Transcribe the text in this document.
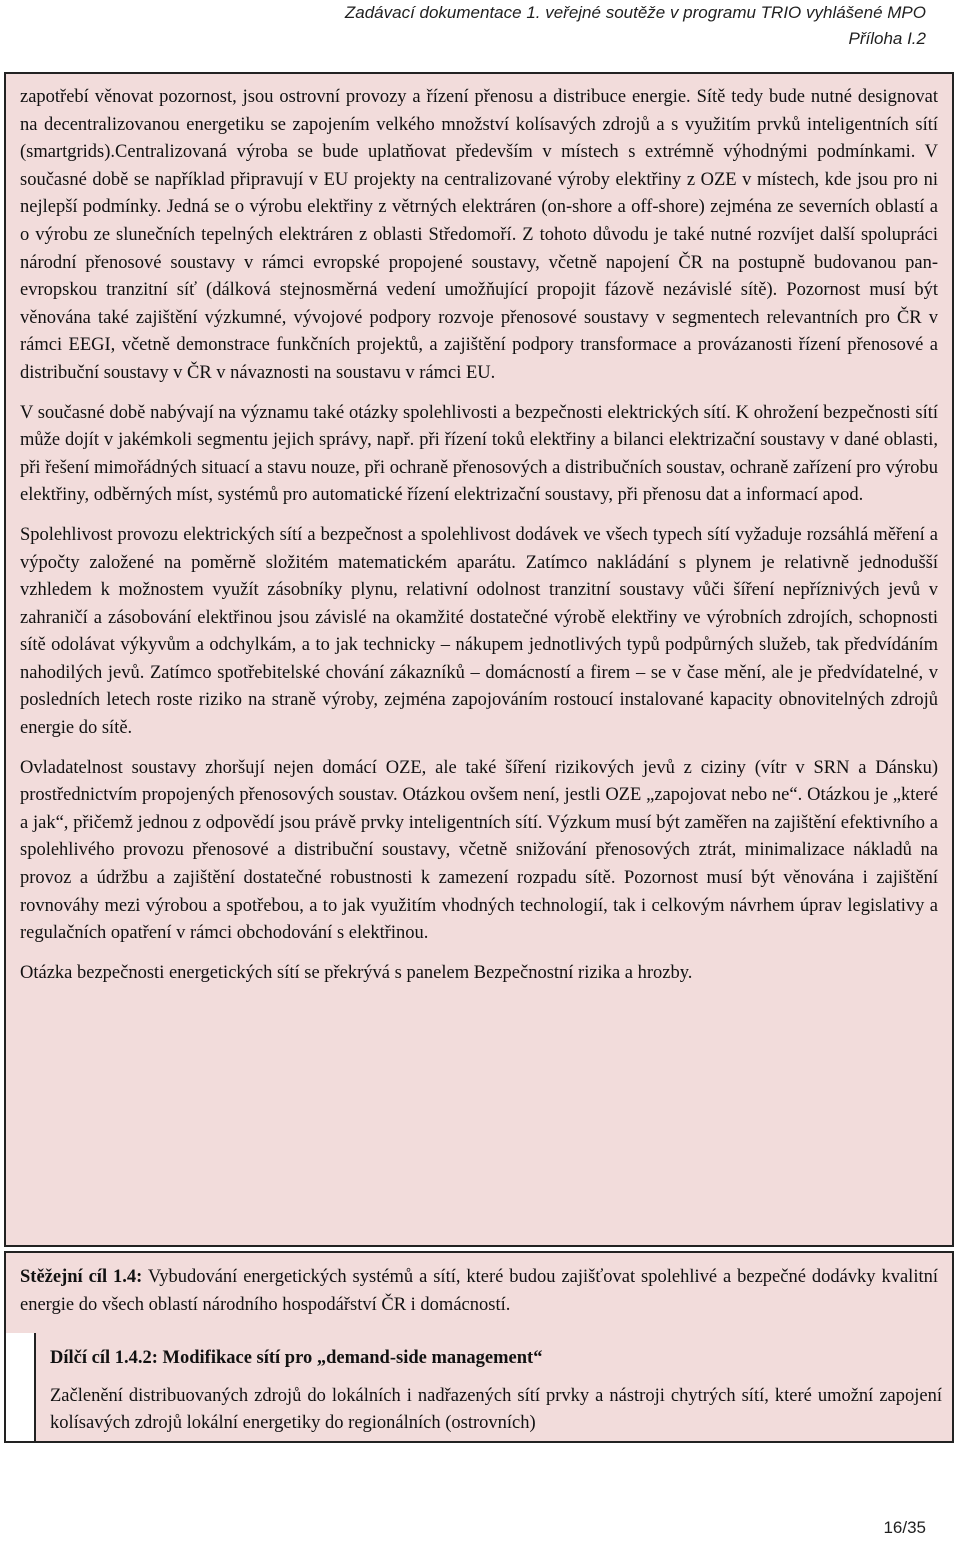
Zadávací dokumentace 1. veřejné soutěže v programu TRIO vyhlášené MPO
Příloha I.2

zapotřebí věnovat pozornost, jsou ostrovní provozy a řízení přenosu a distribuce energie. Sítě tedy bude nutné designovat na decentralizovanou energetiku se zapojením velkého množství kolísavých zdrojů a s využitím prvků inteligentních sítí (smartgrids).Centralizovaná výroba se bude uplatňovat především v místech s extrémně výhodnými podmínkami. V současné době se například připravují v EU projekty na centralizované výroby elektřiny z OZE v místech, kde jsou pro ni nejlepší podmínky. Jedná se o výrobu elektřiny z větrných elektráren (on-shore a off-shore) zejména ze severních oblastí a o výrobu ze slunečních tepelných elektráren z oblasti Středomoří. Z tohoto důvodu je také nutné rozvíjet další spolupráci národní přenosové soustavy v rámci evropské propojené soustavy, včetně napojení ČR na postupně budovanou pan-evropskou tranzitní síť (dálková stejnosměrná vedení umožňující propojit fázově nezávislé sítě). Pozornost musí být věnována také zajištění výzkumné, vývojové podpory rozvoje přenosové soustavy v segmentech relevantních pro ČR v rámci EEGI, včetně demonstrace funkčních projektů, a zajištění podpory transformace a provázanosti řízení přenosové a distribuční soustavy v ČR v návaznosti na soustavu v rámci EU.

V současné době nabývají na významu také otázky spolehlivosti a bezpečnosti elektrických sítí. K ohrožení bezpečnosti sítí může dojít v jakémkoli segmentu jejich správy, např. při řízení toků elektřiny a bilanci elektrizační soustavy v dané oblasti, při řešení mimořádných situací a stavu nouze, při ochraně přenosových a distribučních soustav, ochraně zařízení pro výrobu elektřiny, odběrných míst, systémů pro automatické řízení elektrizační soustavy, při přenosu dat a informací apod.

Spolehlivost provozu elektrických sítí a bezpečnost a spolehlivost dodávek ve všech typech sítí vyžaduje rozsáhlá měření a výpočty založené na poměrně složitém matematickém aparátu. Zatímco nakládání s plynem je relativně jednodušší vzhledem k možnostem využít zásobníky plynu, relativní odolnost tranzitní soustavy vůči šíření nepříznivých jevů v zahraničí a zásobování elektřinou jsou závislé na okamžité dostatečné výrobě elektřiny ve výrobních zdrojích, schopnosti sítě odolávat výkyvům a odchylkám, a to jak technicky – nákupem jednotlivých typů podpůrných služeb, tak předvídáním nahodilých jevů. Zatímco spotřebitelské chování zákazníků – domácností a firem – se v čase mění, ale je předvídatelné, v posledních letech roste riziko na straně výroby, zejména zapojováním rostoucí instalované kapacity obnovitelných zdrojů energie do sítě.

Ovladatelnost soustavy zhoršují nejen domácí OZE, ale také šíření rizikových jevů z ciziny (vítr v SRN a Dánsku) prostřednictvím propojených přenosových soustav. Otázkou ovšem není, jestli OZE „zapojovat nebo ne“. Otázkou je „které a jak“, přičemž jednou z odpovědí jsou právě prvky inteligentních sítí. Výzkum musí být zaměřen na zajištění efektivního a spolehlivého provozu přenosové a distribuční soustavy, včetně snižování přenosových ztrát, minimalizace nákladů na provoz a údržbu a zajištění dostatečné robustnosti k zamezení rozpadu sítě. Pozornost musí být věnována i zajištění rovnováhy mezi výrobou a spotřebou, a to jak využitím vhodných technologií, tak i celkovým návrhem úprav legislativy a regulačních opatření v rámci obchodování s elektřinou.

Otázka bezpečnosti energetických sítí se překrývá s panelem Bezpečnostní rizika a hrozby.

Stěžejní cíl 1.4: Vybudování energetických systémů a sítí, které budou zajišťovat spolehlivé a bezpečné dodávky kvalitní energie do všech oblastí národního hospodářství ČR i domácností.

Dílčí cíl 1.4.2: Modifikace sítí pro „demand-side management“

Začlenění distribuovaných zdrojů do lokálních i nadřazených sítí prvky a nástroji chytrých sítí, které umožní zapojení kolísavých zdrojů lokální energetiky do regionálních (ostrovních)

16/35
